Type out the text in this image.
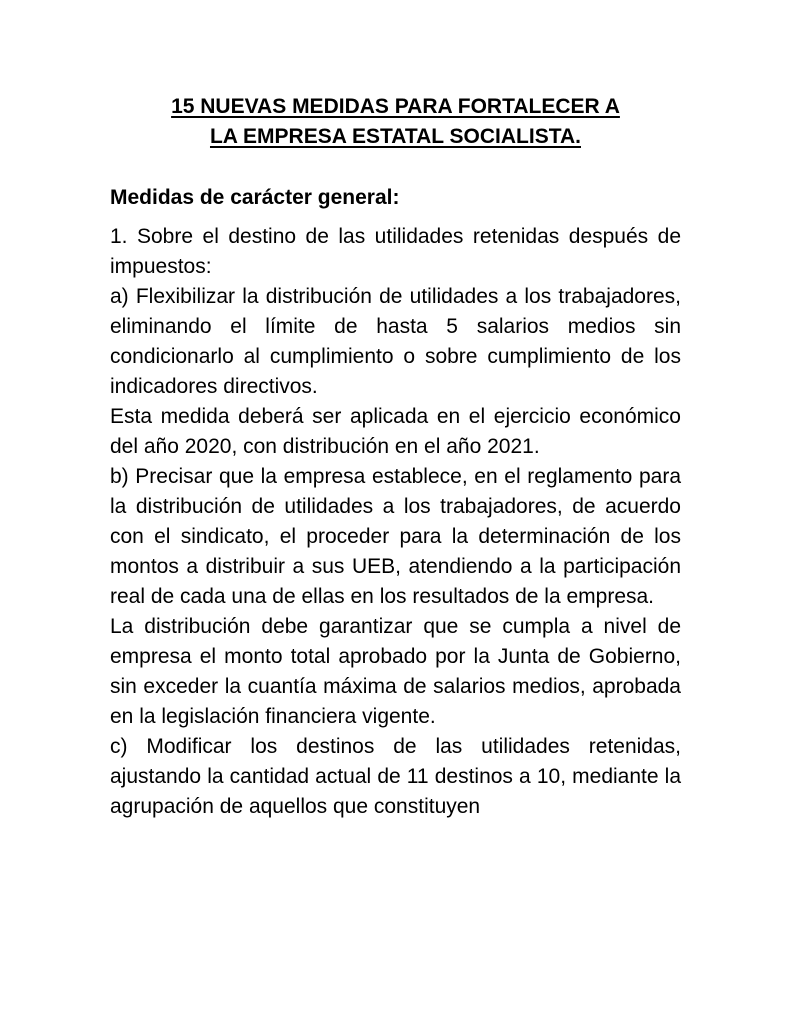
15 NUEVAS MEDIDAS PARA FORTALECER A
LA EMPRESA ESTATAL SOCIALISTA.
Medidas de carácter general:

1. Sobre el destino de las utilidades retenidas después de impuestos:

a) Flexibilizar la distribución de utilidades a los trabajadores, eliminando el límite de hasta 5 salarios medios sin condicionarlo al cumplimiento o sobre cumplimiento de los indicadores directivos.

Esta medida deberá ser aplicada en el ejercicio económico del año 2020, con distribución en el año 2021.

b) Precisar que la empresa establece, en el reglamento para la distribución de utilidades a los trabajadores, de acuerdo con el sindicato, el proceder para la determinación de los montos a distribuir a sus UEB, atendiendo a la participación real de cada una de ellas en los resultados de la empresa.

La distribución debe garantizar que se cumpla a nivel de empresa el monto total aprobado por la Junta de Gobierno, sin exceder la cuantía máxima de salarios medios, aprobada en la legislación financiera vigente.

c) Modificar los destinos de las utilidades retenidas, ajustando la cantidad actual de 11 destinos a 10, mediante la agrupación de aquellos que constituyen
